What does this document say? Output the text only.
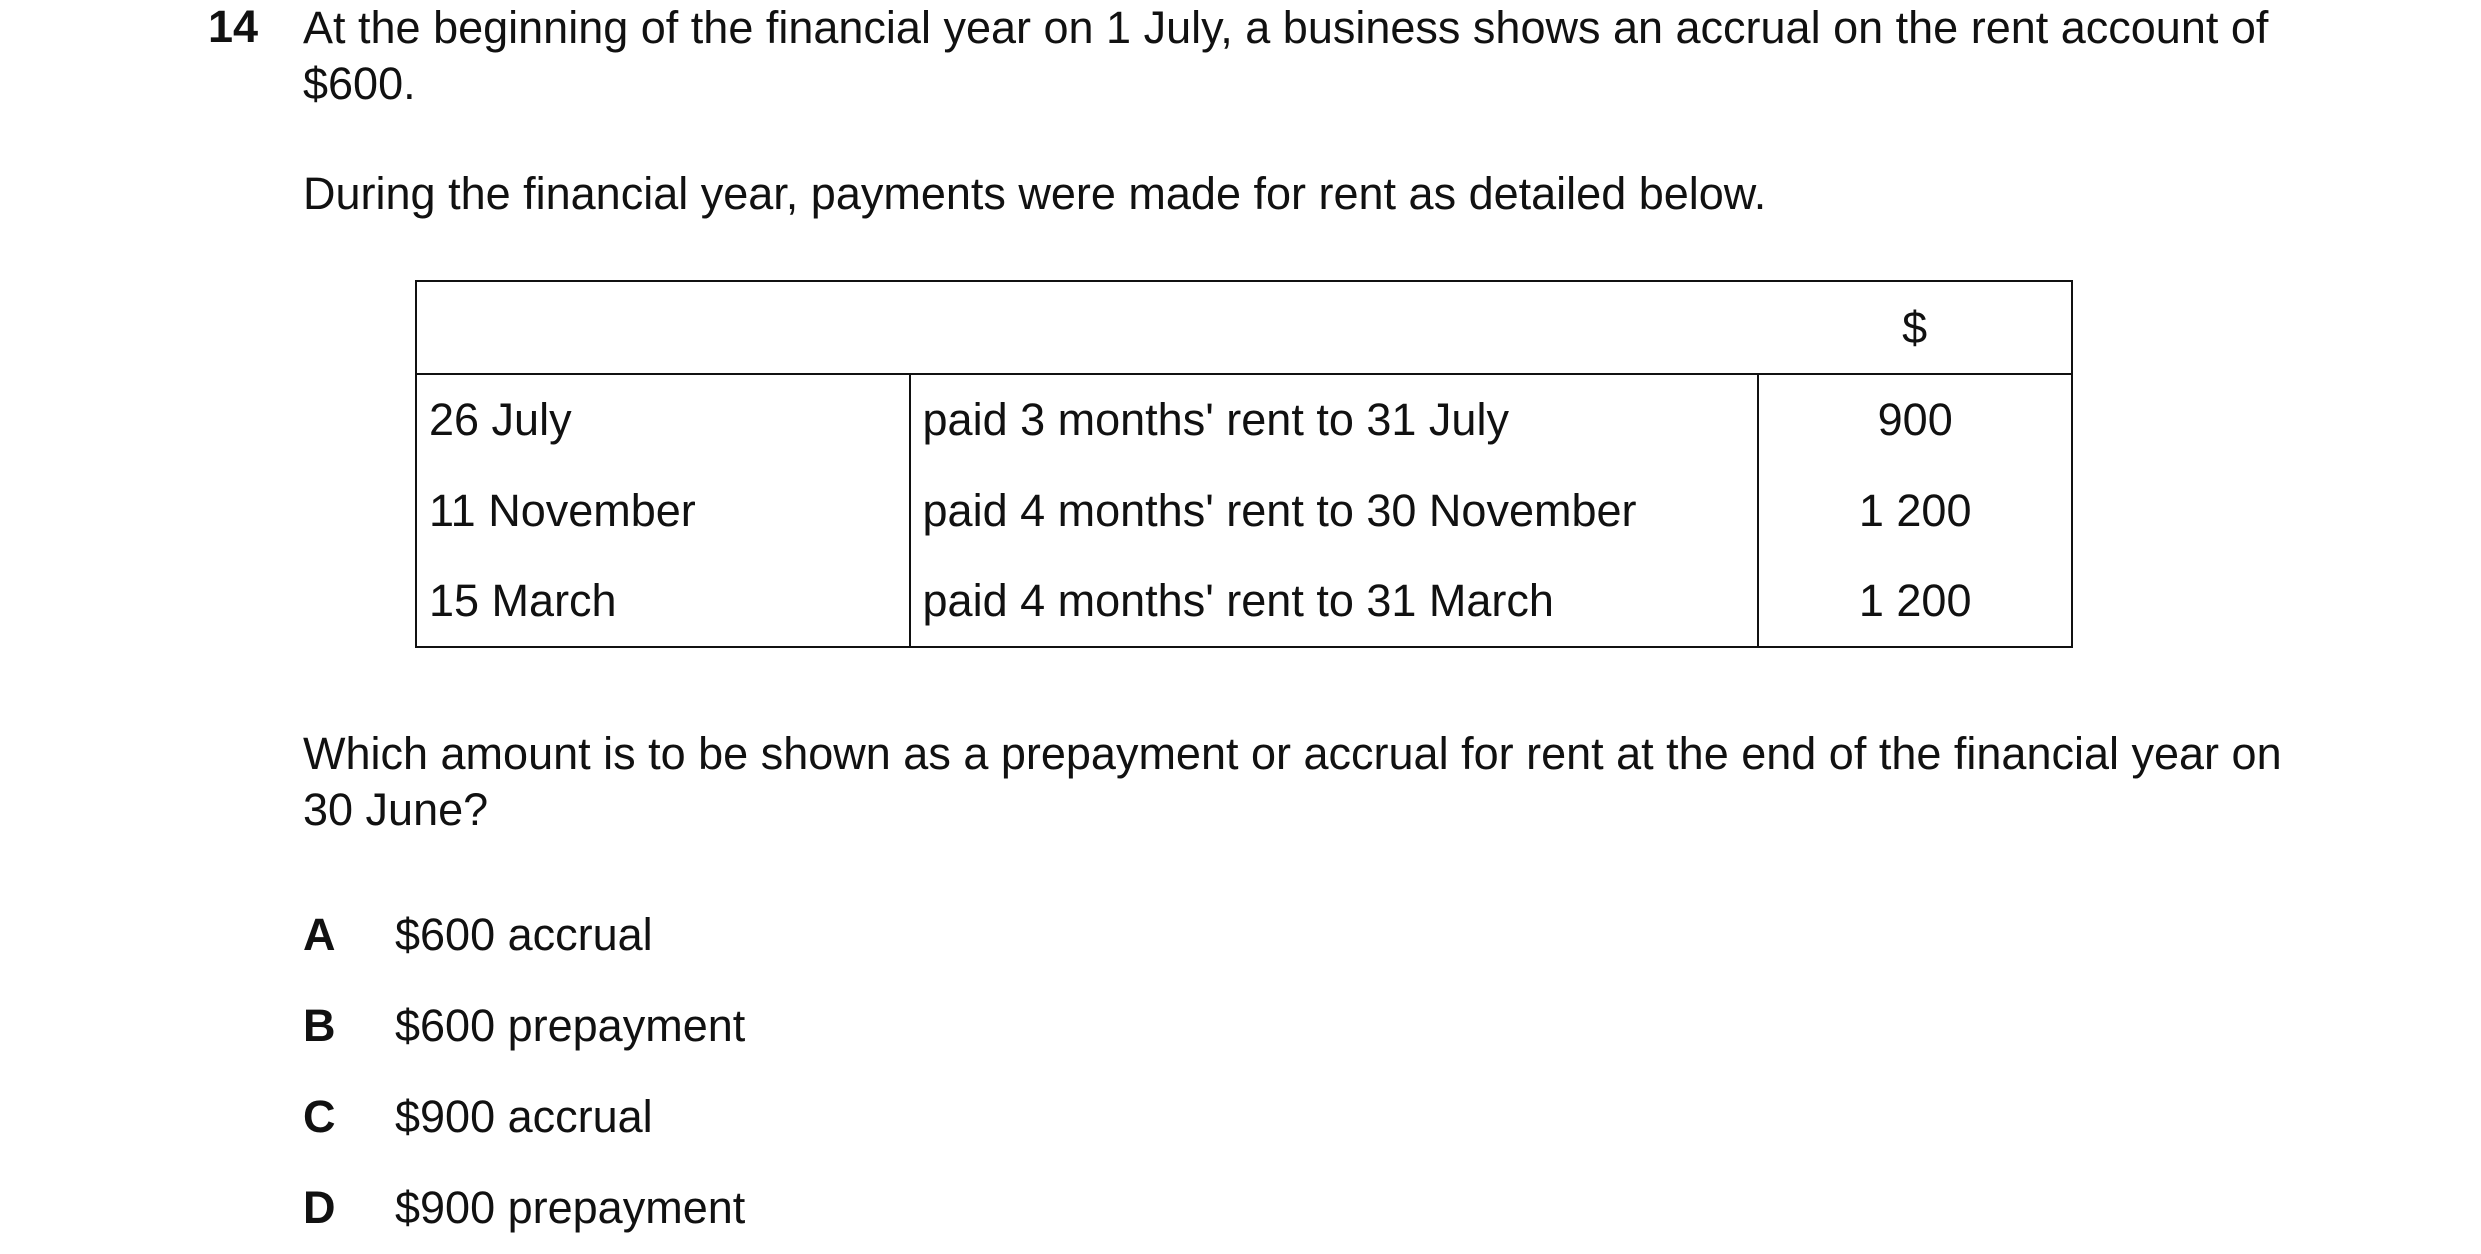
14 At the beginning of the financial year on 1 July, a business shows an accrual on the rent account of $600.

During the financial year, payments were made for rent as detailed below.

		$
26 July	paid 3 months' rent to 31 July	900
11 November	paid 4 months' rent to 30 November	1 200
15 March	paid 4 months' rent to 31 March	1 200

Which amount is to be shown as a prepayment or accrual for rent at the end of the financial year on 30 June?

A	$600 accrual
B	$600 prepayment
C	$900 accrual
D	$900 prepayment
